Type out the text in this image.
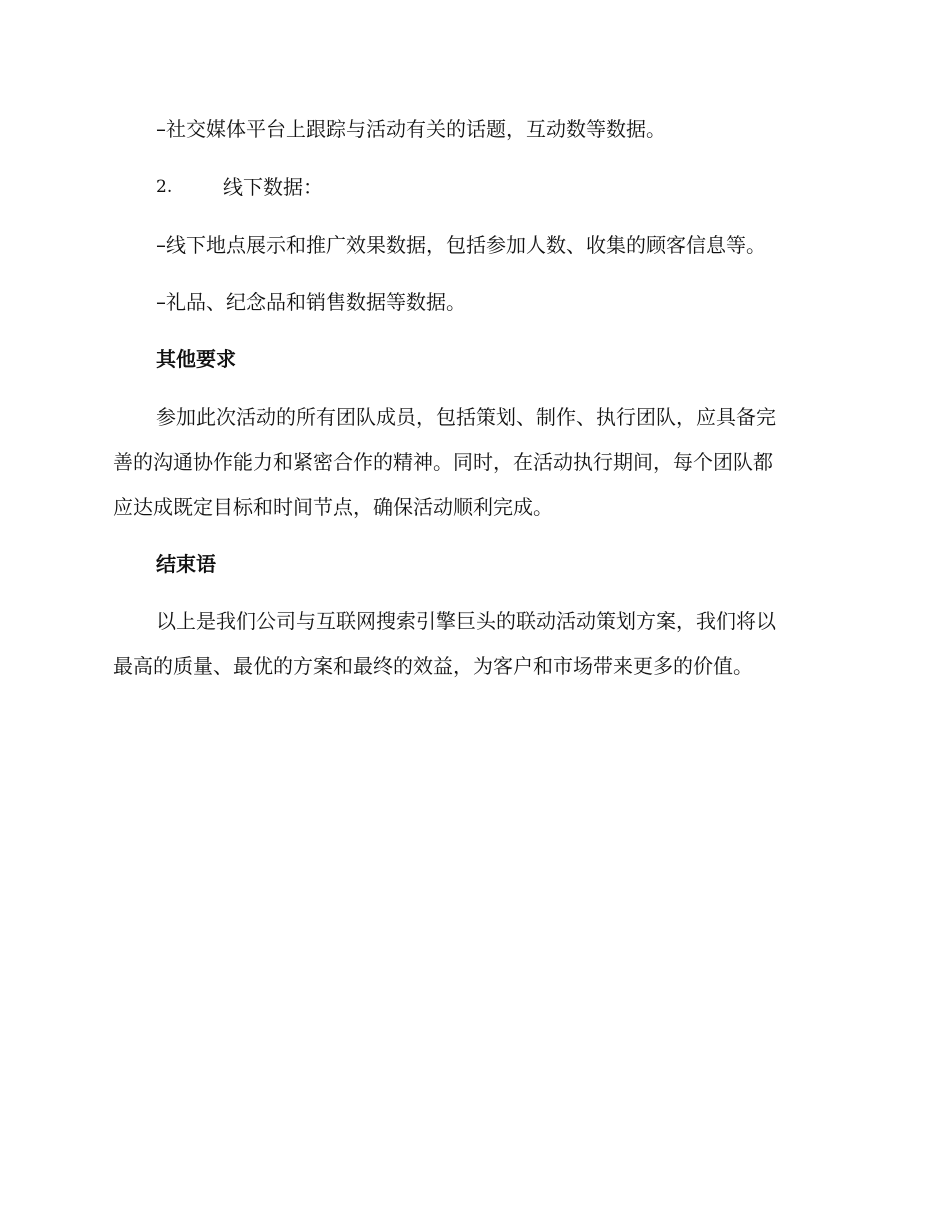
–社交媒体平台上跟踪与活动有关的话题，互动数等数据。
2.	线下数据：
–线下地点展示和推广效果数据，包括参加人数、收集的顾客信息等。
–礼品、纪念品和销售数据等数据。
其他要求
参加此次活动的所有团队成员，包括策划、制作、执行团队，应具备完
善的沟通协作能力和紧密合作的精神。同时，在活动执行期间，每个团队都
应达成既定目标和时间节点，确保活动顺利完成。
结束语
以上是我们公司与互联网搜索引擎巨头的联动活动策划方案，我们将以
最高的质量、最优的方案和最终的效益，为客户和市场带来更多的价值。
